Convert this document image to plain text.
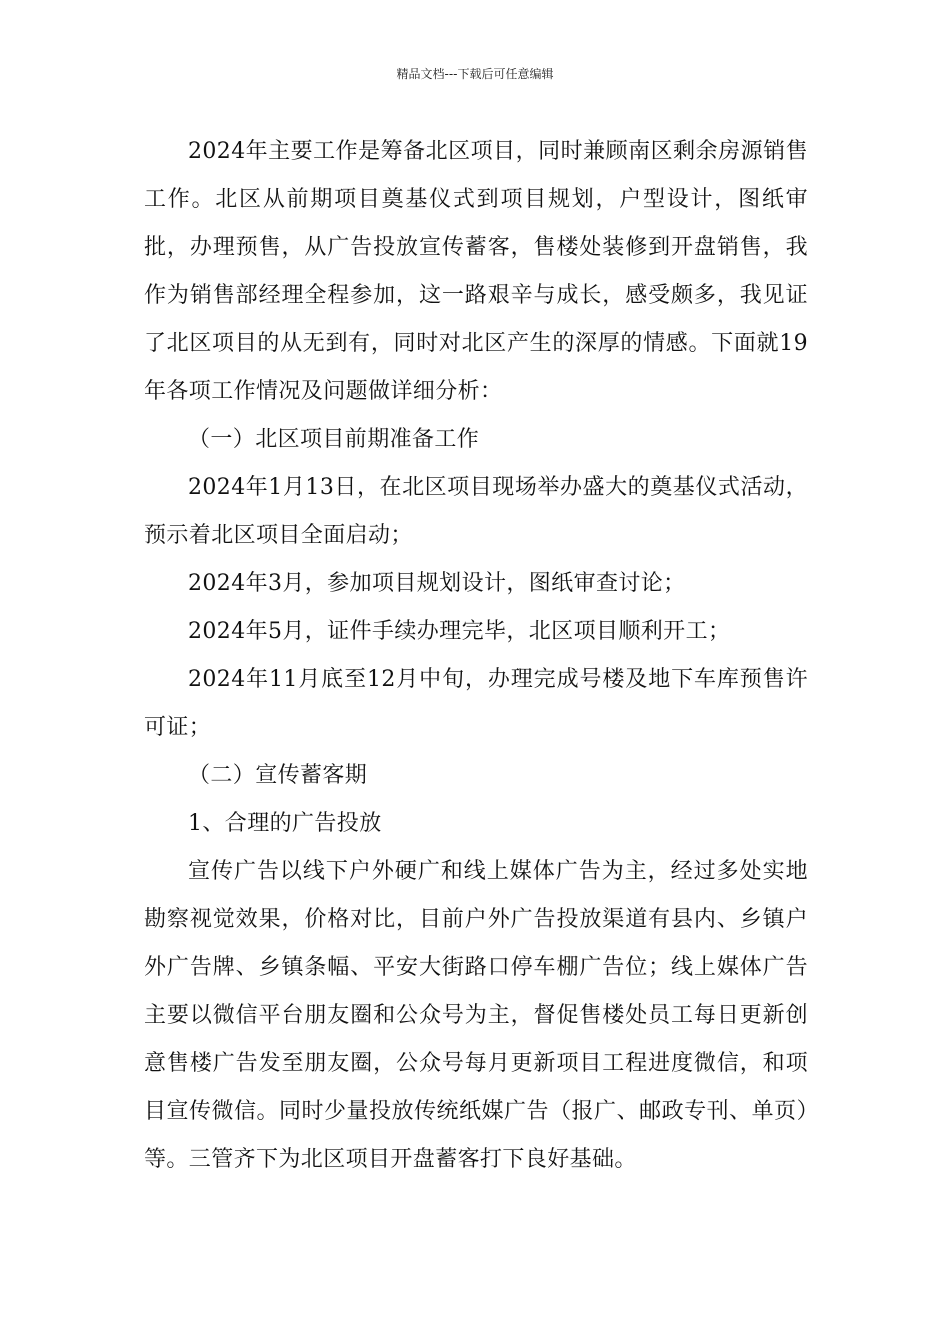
精品文档---下载后可任意编辑

2024年主要工作是筹备北区项目，同时兼顾南区剩余房源销售工作。北区从前期项目奠基仪式到项目规划，户型设计，图纸审批，办理预售，从广告投放宣传蓄客，售楼处装修到开盘销售，我作为销售部经理全程参加，这一路艰辛与成长，感受颇多，我见证了北区项目的从无到有，同时对北区产生的深厚的情感。下面就19年各项工作情况及问题做详细分析：

（一）北区项目前期准备工作

2024年1月13日，在北区项目现场举办盛大的奠基仪式活动，预示着北区项目全面启动；

2024年3月，参加项目规划设计，图纸审查讨论；

2024年5月，证件手续办理完毕，北区项目顺利开工；

2024年11月底至12月中旬，办理完成号楼及地下车库预售许可证；

（二）宣传蓄客期

1、合理的广告投放

宣传广告以线下户外硬广和线上媒体广告为主，经过多处实地勘察视觉效果，价格对比，目前户外广告投放渠道有县内、乡镇户外广告牌、乡镇条幅、平安大街路口停车棚广告位；线上媒体广告主要以微信平台朋友圈和公众号为主，督促售楼处员工每日更新创意售楼广告发至朋友圈，公众号每月更新项目工程进度微信，和项目宣传微信。同时少量投放传统纸媒广告（报广、邮政专刊、单页）等。三管齐下为北区项目开盘蓄客打下良好基础。
